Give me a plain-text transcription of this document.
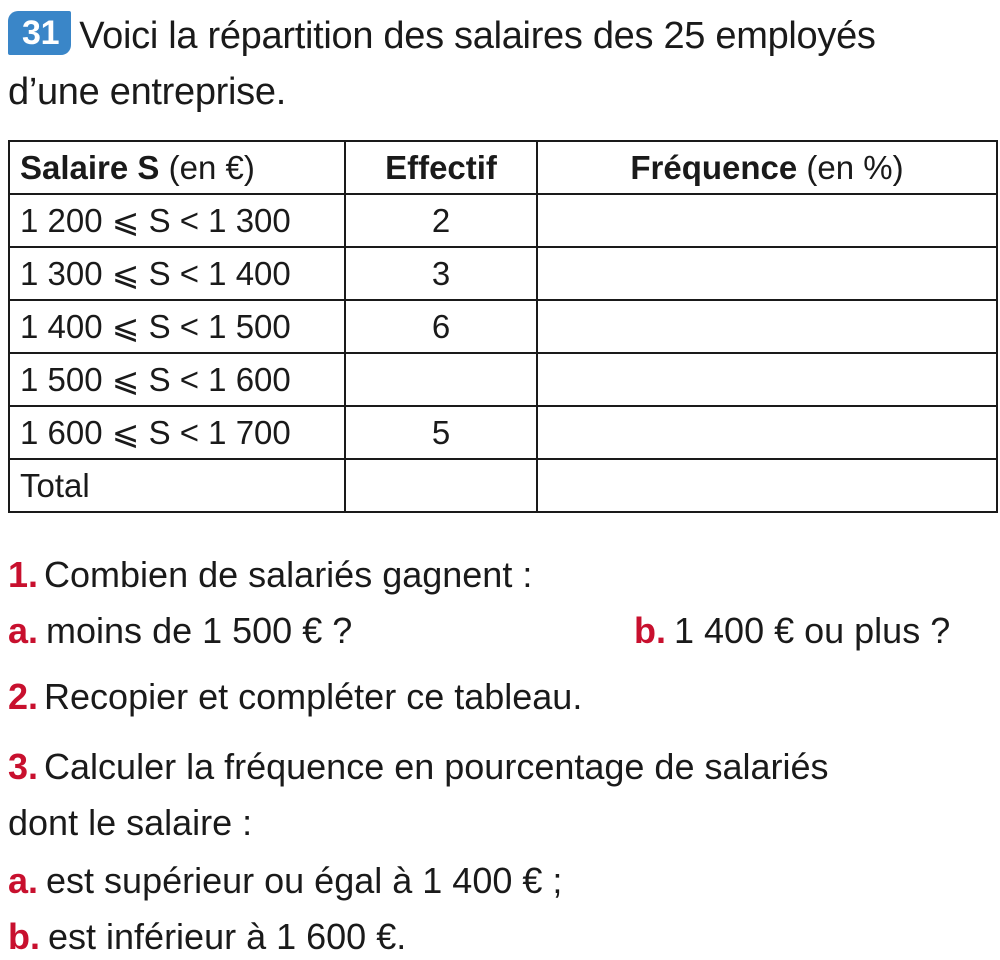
31 Voici la répartition des salaires des 25 employés
d’une entreprise.
Salaire S (en €)	Effectif	Fréquence (en %)
1 200 ⩽ S < 1 300	2	
1 300 ⩽ S < 1 400	3	
1 400 ⩽ S < 1 500	6	
1 500 ⩽ S < 1 600		
1 600 ⩽ S < 1 700	5	
Total		
1. Combien de salariés gagnent :
a. moins de 1 500 € ?	b. 1 400 € ou plus ?
2. Recopier et compléter ce tableau.
3. Calculer la fréquence en pourcentage de salariés
dont le salaire :
a. est supérieur ou égal à 1 400 € ;
b. est inférieur à 1 600 €.
